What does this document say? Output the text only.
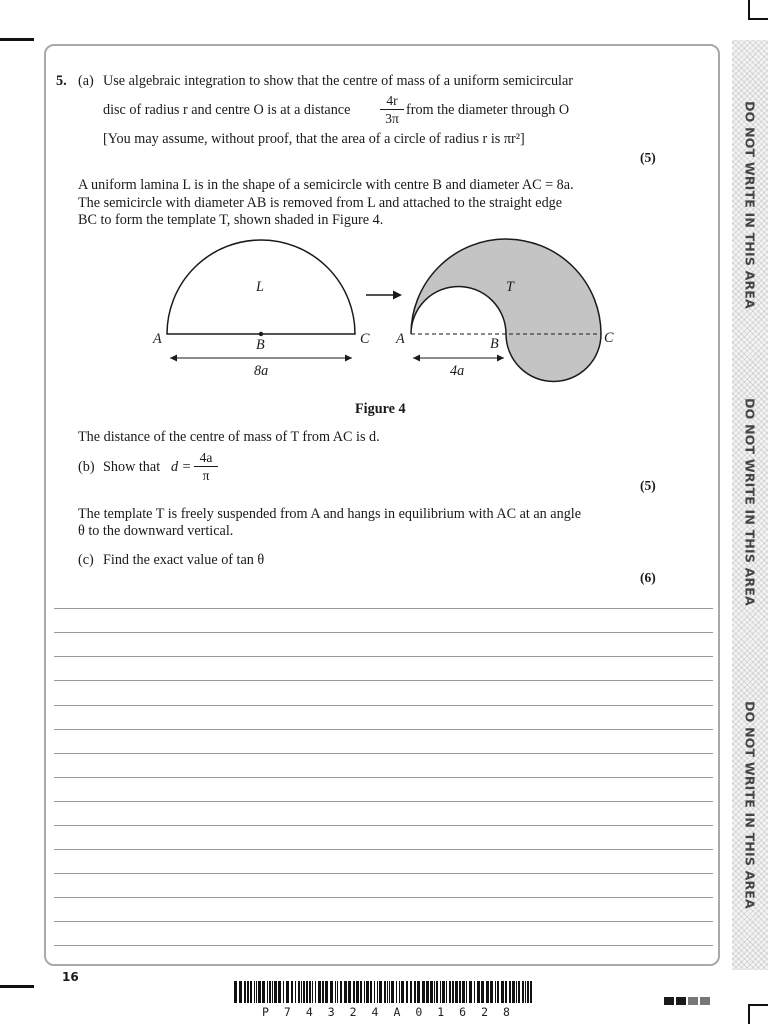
DO NOT WRITE IN THIS AREA
DO NOT WRITE IN THIS AREA
DO NOT WRITE IN THIS AREA
5. (a) Use algebraic integration to show that the centre of mass of a uniform semicircular
disc of radius r and centre O is at a distance
4r
3π
from the diameter through O
[You may assume, without proof, that the area of a circle of radius r is πr²]
(5)
A uniform lamina L is in the shape of a semicircle with centre B and diameter AC = 8a.
The semicircle with diameter AB is removed from L and attached to the straight edge
BC to form the template T, shown shaded in Figure 4.
L	T
A	B	C A	B	C
8a	4a
Figure 4
The distance of the centre of mass of T from AC is d.
(b) Show that d =
4a
π
(5)
The template T is freely suspended from A and hangs in equilibrium with AC at an angle
θ to the downward vertical.
(c) Find the exact value of tan θ
(6)
16
P 7 4 3 2 4 A 0 1 6 2 8
